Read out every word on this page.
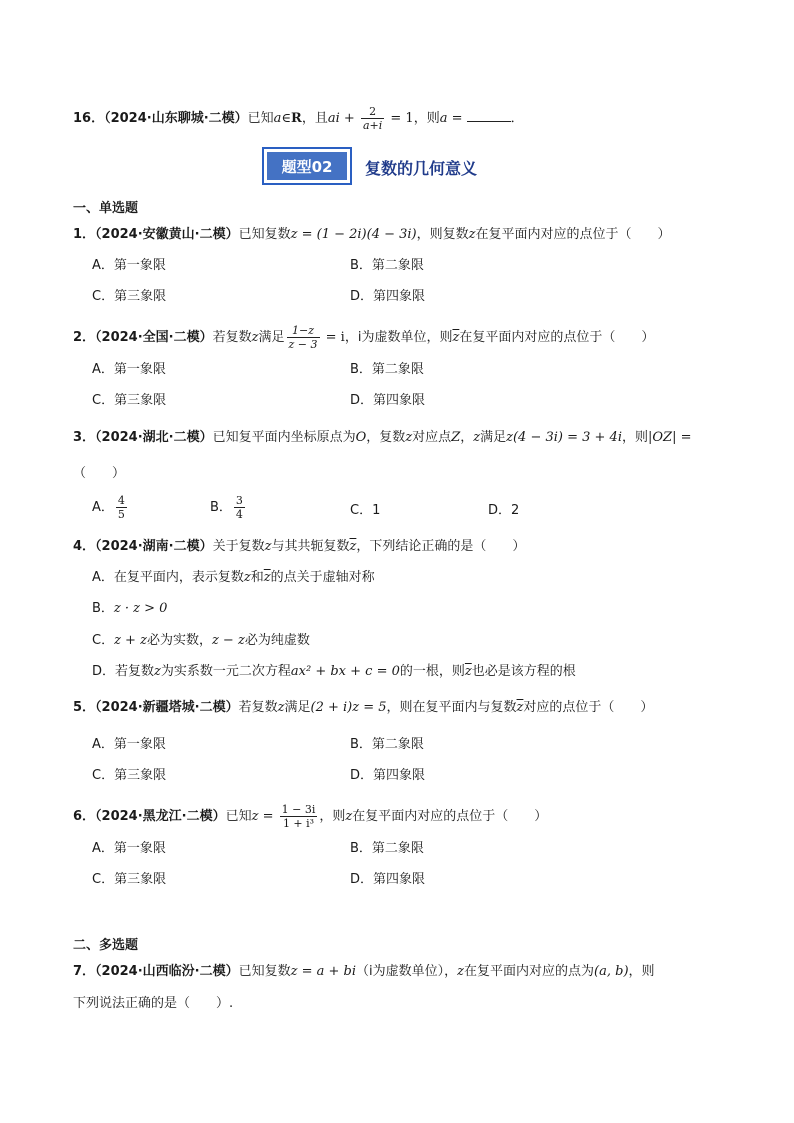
16．（2024·山东聊城·二模）已知a∈R，且ai + $\frac{2}{a+i} = 1$，则a =	．
题型02	复数的几何意义
一、单选题
1．（2024·安徽黄山·二模）已知复数z = (1 − 2i)(4 − 3i)，则复数z在复平面内对应的点位于（　　）
A．第一象限	B．第二象限
C．第三象限	D．第四象限
2．（2024·全国·二模）若复数z满足 $\frac{1-z}{z - 3} = i$，i为虚数单位，则$\overline{z}$在复平面内对应的点位于（　　）
A．第一象限	B．第二象限
C．第三象限	D．第四象限
3．（2024·湖北·二模）已知复平面内坐标原点为O，复数z对应点Z，z满足z(4 − 3i) = 3 + 4i，则|OZ| =
（　　）
A． $\frac{4}{5}$	B． $\frac{3}{4}$	C．1	D．2
4．（2024·湖南·二模）关于复数z与其共轭复数$\overline{z}$，下列结论正确的是（　　）
A．在复平面内，表示复数z和$\overline{z}$的点关于虚轴对称
B．z · z > 0
C．z + z必为实数，z − z必为纯虚数
D．若复数z为实系数一元二次方程ax² + bx + c = 0的一根，则$\overline{z}$也必是该方程的根
5．（2024·新疆塔城·二模）若复数z满足(2 + i)z = 5，则在复平面内与复数$\overline{z}$对应的点位于（　　）
A．第一象限	B．第二象限
C．第三象限	D．第四象限
6．（2024·黑龙江·二模）已知$z = \frac{1 - 3i}{\text{1 + i³}}$ ，则z在复平面内对应的点位于（　　）
A．第一象限	B．第二象限
C．第三象限	D．第四象限
二、多选题
7．（2024·山西临汾·二模）已知复数z = a + bi（i为虚数单位），z在复平面内对应的点为(a, b)，则
下列说法正确的是（　　）.
